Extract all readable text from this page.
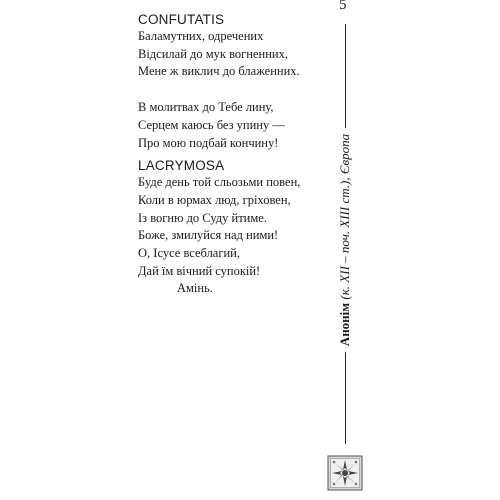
CONFUTATIS
Баламутних, одречених
Відсилай до мук вогненних,
Мене ж виклич до блаженних.
В молитвах до Тебе лину,
Серцем каюсь без упину —
Про мою подбай кончину!
LACRYMOSA
Буде день той сльозьми повен,
Коли в юрмах люд, гріховен,
Із вогню до Суду йтиме.
Боже, змилуйся над ними!
О, Ісусе всеблагий,
Дай їм вічний супокій!
Амінь.
5
Анонім (к. XII – поч. XIII ст.), Європа
